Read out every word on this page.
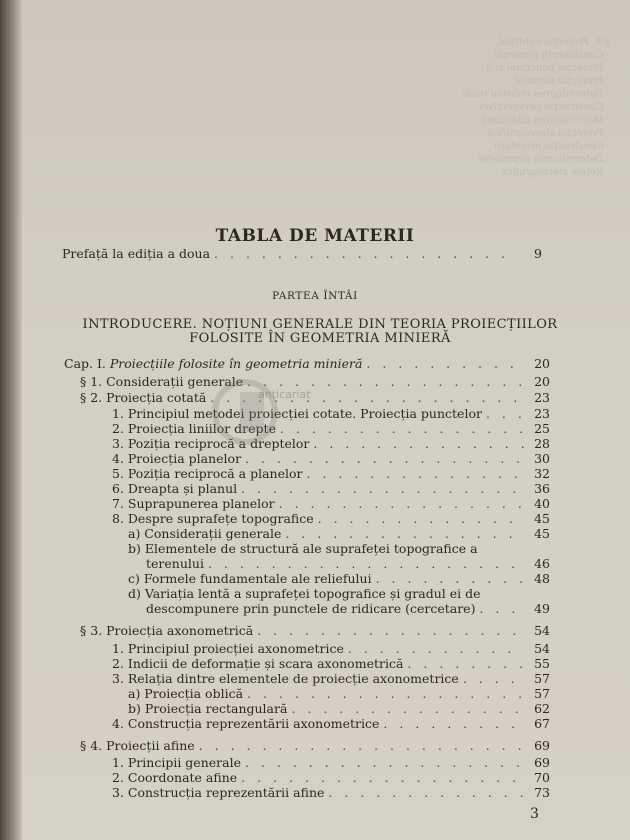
§ 5. Proiecția centrală
Considerații generale
Proiecția punctului și a
Proiecția planului
Determinarea mărimii reale
Construcția perspectivei
Determinarea adâncimii
Proiecția stereografică
Construcția orientării
Determinarea suprafeței
Rețele stereografice
TABLA DE MATERII
Prefață la ediția a doua . . .	9
PARTEA ÎNTÂI
INTRODUCERE. NOȚIUNI GENERALE DIN TEORIA PROIECȚIILOR
FOLOSITE ÎN GEOMETRIA MINIERĂ
Cap. I. Proiecțiile folosite în geometria minieră . . .	20
§ 1. Considerații generale . . .	20
§ 2. Proiecția cotată . . .	23
1. Principiul metodei proiecției cotate. Proiecția punctelor . . .	23
2. Proiecția liniilor drepte . . .	25
3. Poziția reciprocă a dreptelor . . .	28
4. Proiecția planelor . . .	30
5. Poziția reciprocă a planelor . . .	32
6. Dreapta și planul . . .	36
7. Suprapunerea planelor . . .	40
8. Despre suprafețe topografice . . .	45
a) Considerații generale . . .	45
b) Elementele de structură ale suprafeței topografice a
terenului . . .	46
c) Formele fundamentale ale reliefului . . .	48
d) Variația lentă a suprafeței topografice și gradul ei de
descompunere prin punctele de ridicare (cercetare) . . .	49
§ 3. Proiecția axonometrică . . .	54
1. Principiul proiecției axonometrice . . .	54
2. Indicii de deformație și scara axonometrică . . .	55
3. Relația dintre elementele de proiecție axonometrice . . .	57
a) Proiecția oblică . . .	57
b) Proiecția rectangulară . . .	62
4. Construcția reprezentării axonometrice . . .	67
§ 4. Proiecții afine . . .	69
1. Principii generale . . .	69
2. Coordonate afine . . .	70
3. Construcția reprezentării afine . . .	73
3
anticariat
